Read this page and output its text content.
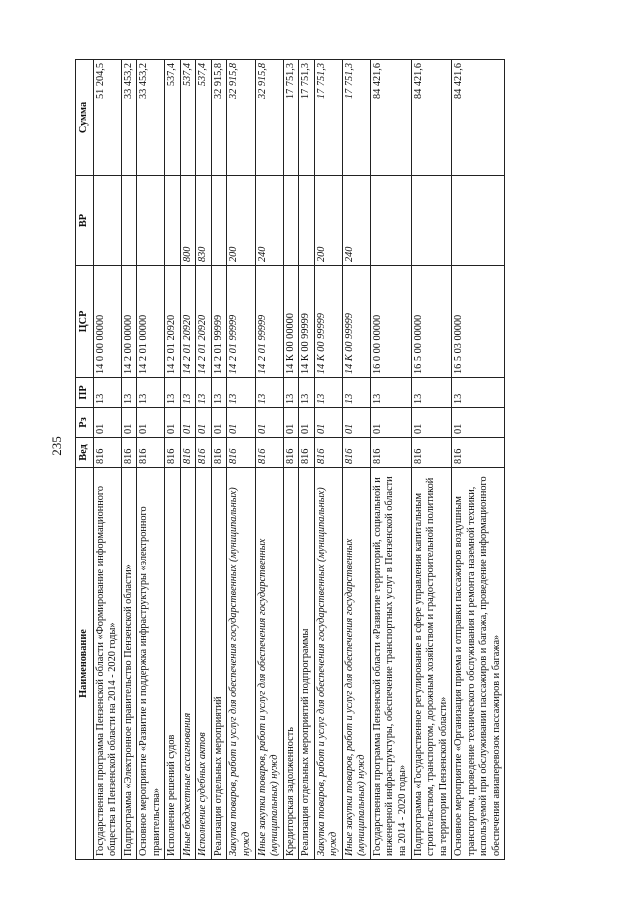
235
Наименование	Вед	Рз	ПР	ЦСР	ВР	Сумма
Государственная программа Пензенской области «Формирование информационного общества в Пензенской области на 2014 - 2020 годы»	816	01	13	14 0 00 00000		51 204,5
Подпрограмма «Электронное правительство Пензенской области»	816	01	13	14 2 00 00000		33 453,2
Основное мероприятие «Развитие и поддержка инфраструктуры «электронного правительства»	816	01	13	14 2 01 00000		33 453,2
Исполнение решений судов	816	01	13	14 2 01 20920		537,4
Иные бюджетные ассигнования	816	01	13	14 2 01 20920	800	537,4
Исполнение судебных актов	816	01	13	14 2 01 20920	830	537,4
Реализация отдельных мероприятий	816	01	13	14 2 01 99999		32 915,8
Закупка товаров, работ и услуг для обеспечения государственных (муниципальных) нужд	816	01	13	14 2 01 99999	200	32 915,8
Иные закупки товаров, работ и услуг для обеспечения государственных (муниципальных) нужд	816	01	13	14 2 01 99999	240	32 915,8
Кредиторская задолженность	816	01	13	14 К 00 00000		17 751,3
Реализация отдельных мероприятий подпрограммы	816	01	13	14 К 00 99999		17 751,3
Закупка товаров, работ и услуг для обеспечения государственных (муниципальных) нужд	816	01	13	14 К 00 99999	200	17 751,3
Иные закупки товаров, работ и услуг для обеспечения государственных (муниципальных) нужд	816	01	13	14 К 00 99999	240	17 751,3
Государственная программа Пензенской области «Развитие территорий, социальной и инженерной инфраструктуры, обеспечение транспортных услуг в Пензенской области на 2014 - 2020 годы»	816	01	13	16 0 00 00000		84 421,6
Подпрограмма «Государственное регулирование в сфере управления капитальным строительством, транспортом, дорожным хозяйством и градостроительной политикой на территории Пензенской области»	816	01	13	16 5 00 00000		84 421,6
Основное мероприятие «Организация приема и отправки пассажиров воздушным транспортом, проведение технического обслуживания и ремонта наземной техники, используемой при обслуживании пассажиров и багажа, проведение информационного обеспечения авиаперевозок пассажиров и багажа»	816	01	13	16 5 03 00000		84 421,6
